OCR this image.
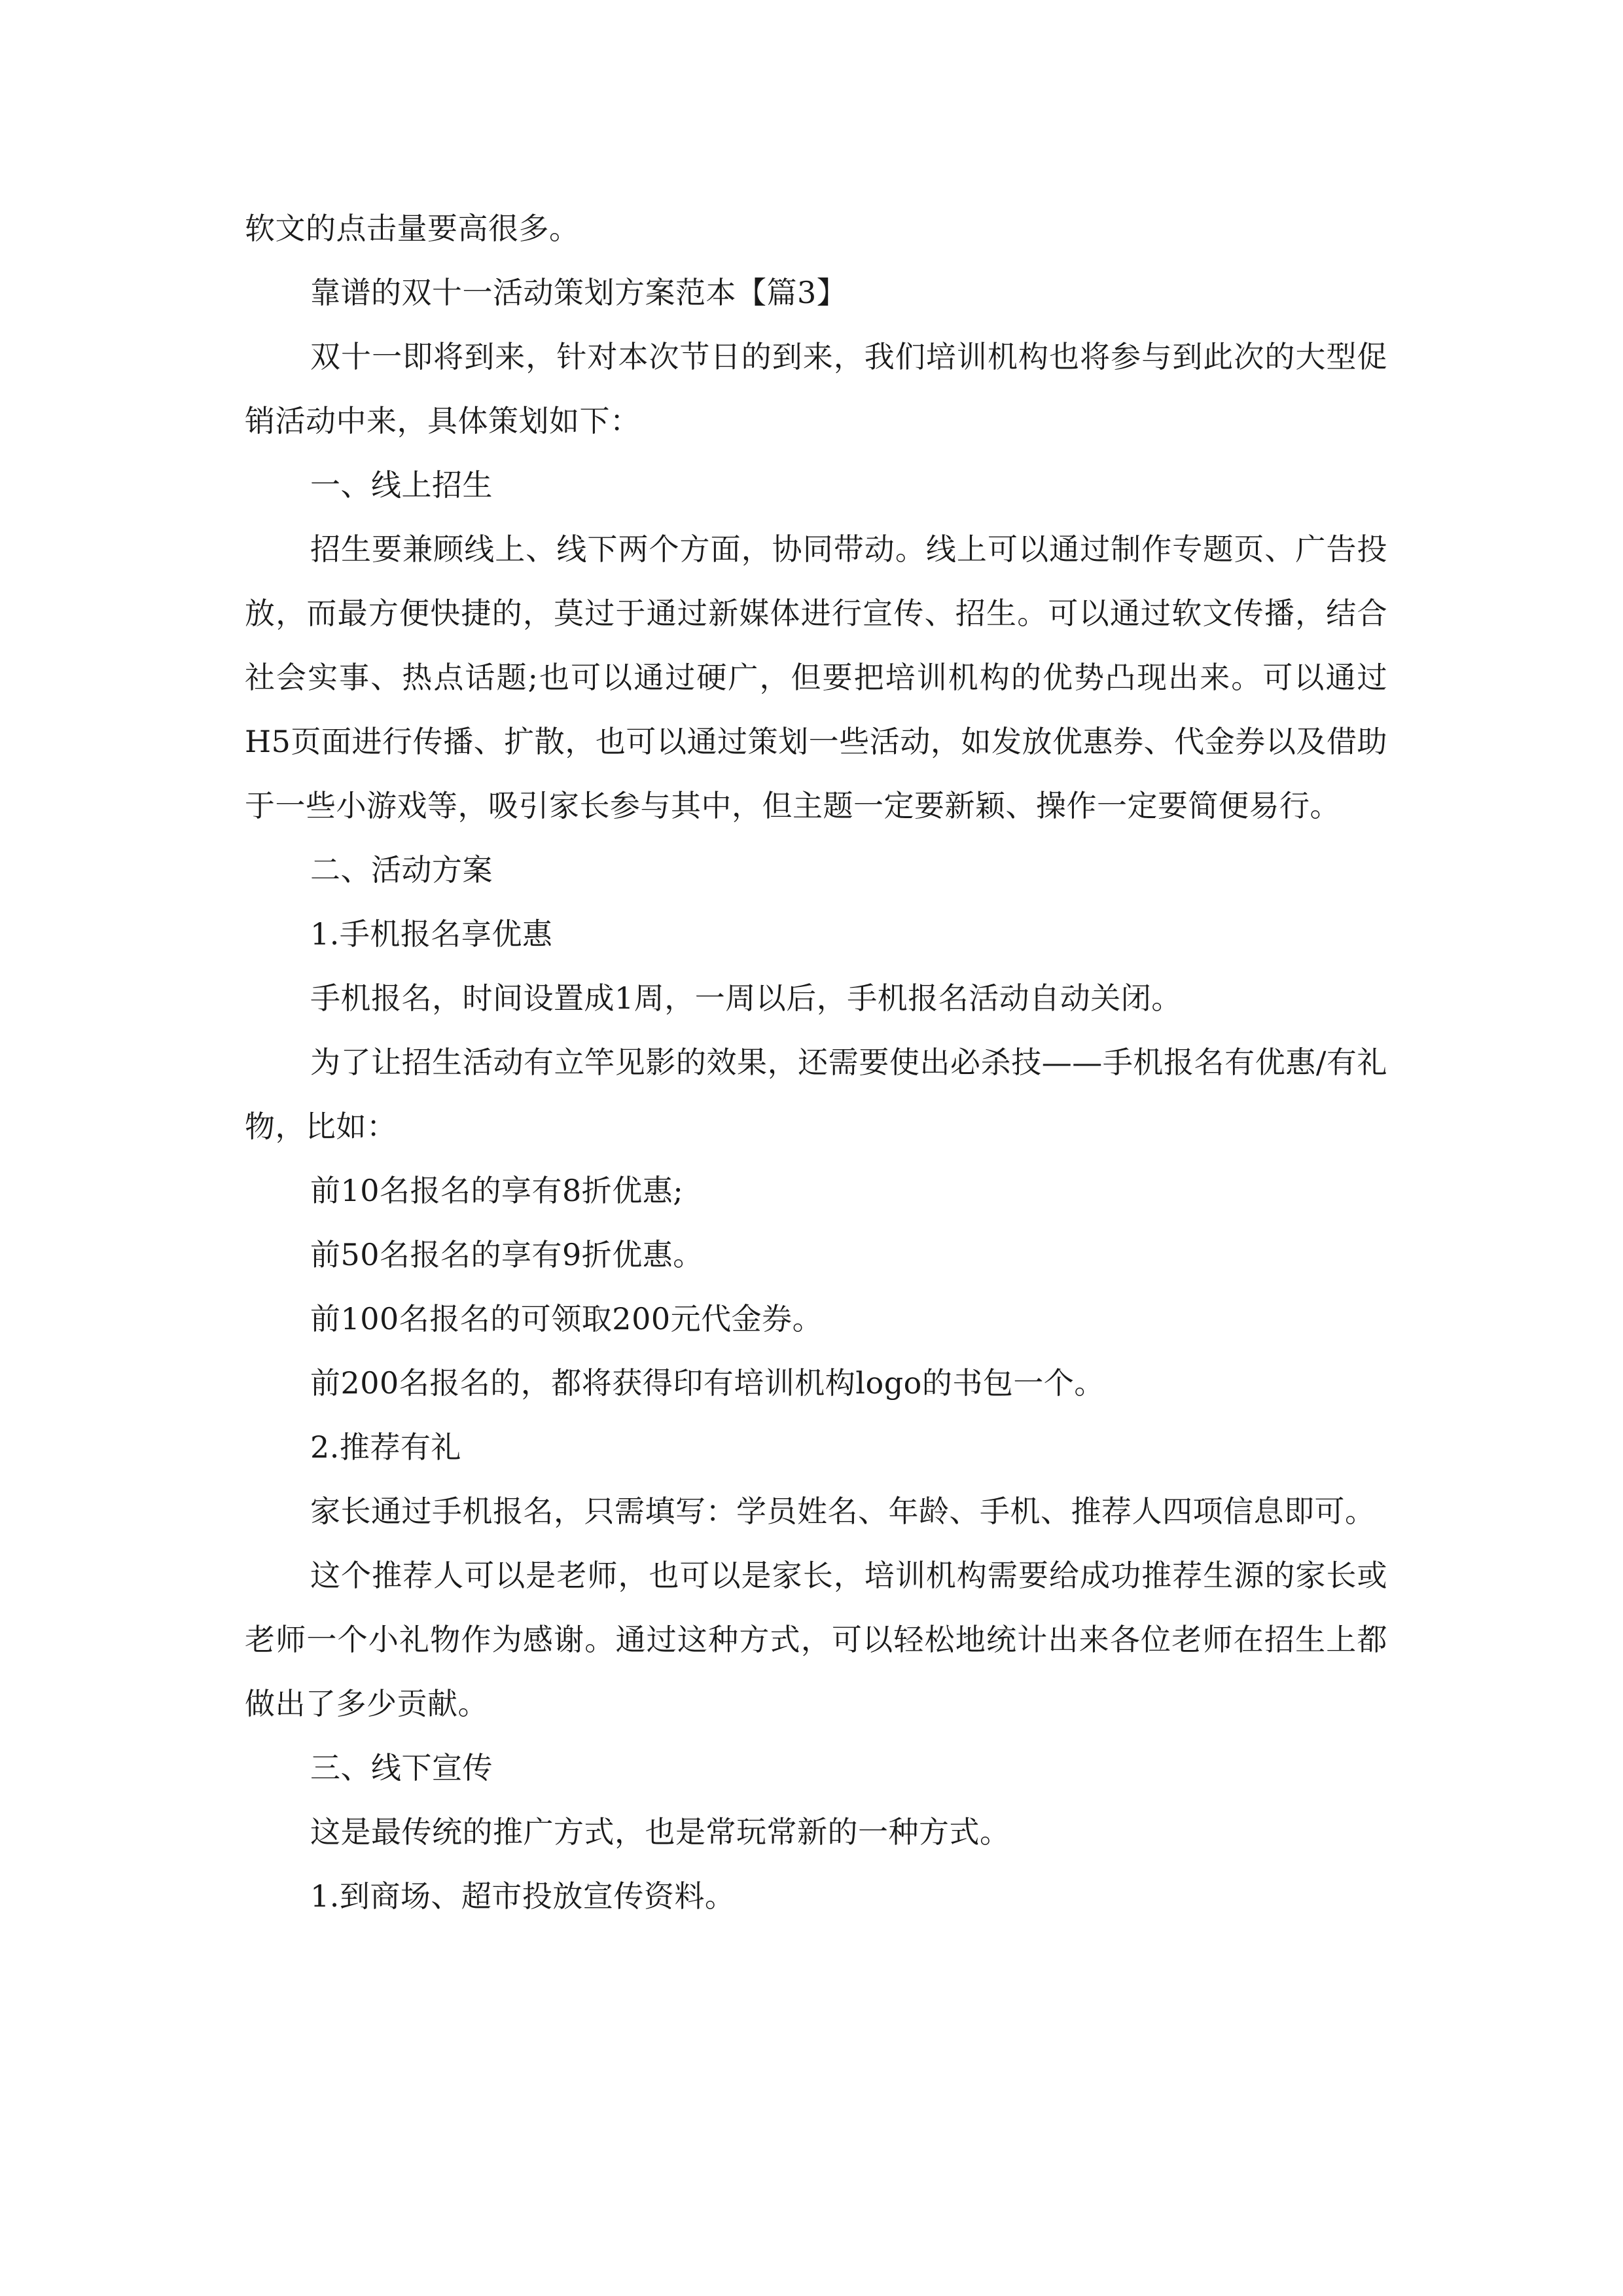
软文的点击量要高很多。

靠谱的双十一活动策划方案范本【篇3】

双十一即将到来，针对本次节日的到来，我们培训机构也将参与到此次的大型促销活动中来，具体策划如下：

一、线上招生

招生要兼顾线上、线下两个方面，协同带动。线上可以通过制作专题页、广告投放，而最方便快捷的，莫过于通过新媒体进行宣传、招生。可以通过软文传播，结合社会实事、热点话题;也可以通过硬广，但要把培训机构的优势凸现出来。可以通过H5页面进行传播、扩散，也可以通过策划一些活动，如发放优惠券、代金券以及借助于一些小游戏等，吸引家长参与其中，但主题一定要新颖、操作一定要简便易行。

二、活动方案

1.手机报名享优惠

手机报名，时间设置成1周，一周以后，手机报名活动自动关闭。

为了让招生活动有立竿见影的效果，还需要使出必杀技——手机报名有优惠/有礼物，比如：

前10名报名的享有8折优惠;

前50名报名的享有9折优惠。

前100名报名的可领取200元代金券。

前200名报名的，都将获得印有培训机构logo的书包一个。

2.推荐有礼

家长通过手机报名，只需填写：学员姓名、年龄、手机、推荐人四项信息即可。

这个推荐人可以是老师，也可以是家长，培训机构需要给成功推荐生源的家长或老师一个小礼物作为感谢。通过这种方式，可以轻松地统计出来各位老师在招生上都做出了多少贡献。

三、线下宣传

这是最传统的推广方式，也是常玩常新的一种方式。

1.到商场、超市投放宣传资料。
